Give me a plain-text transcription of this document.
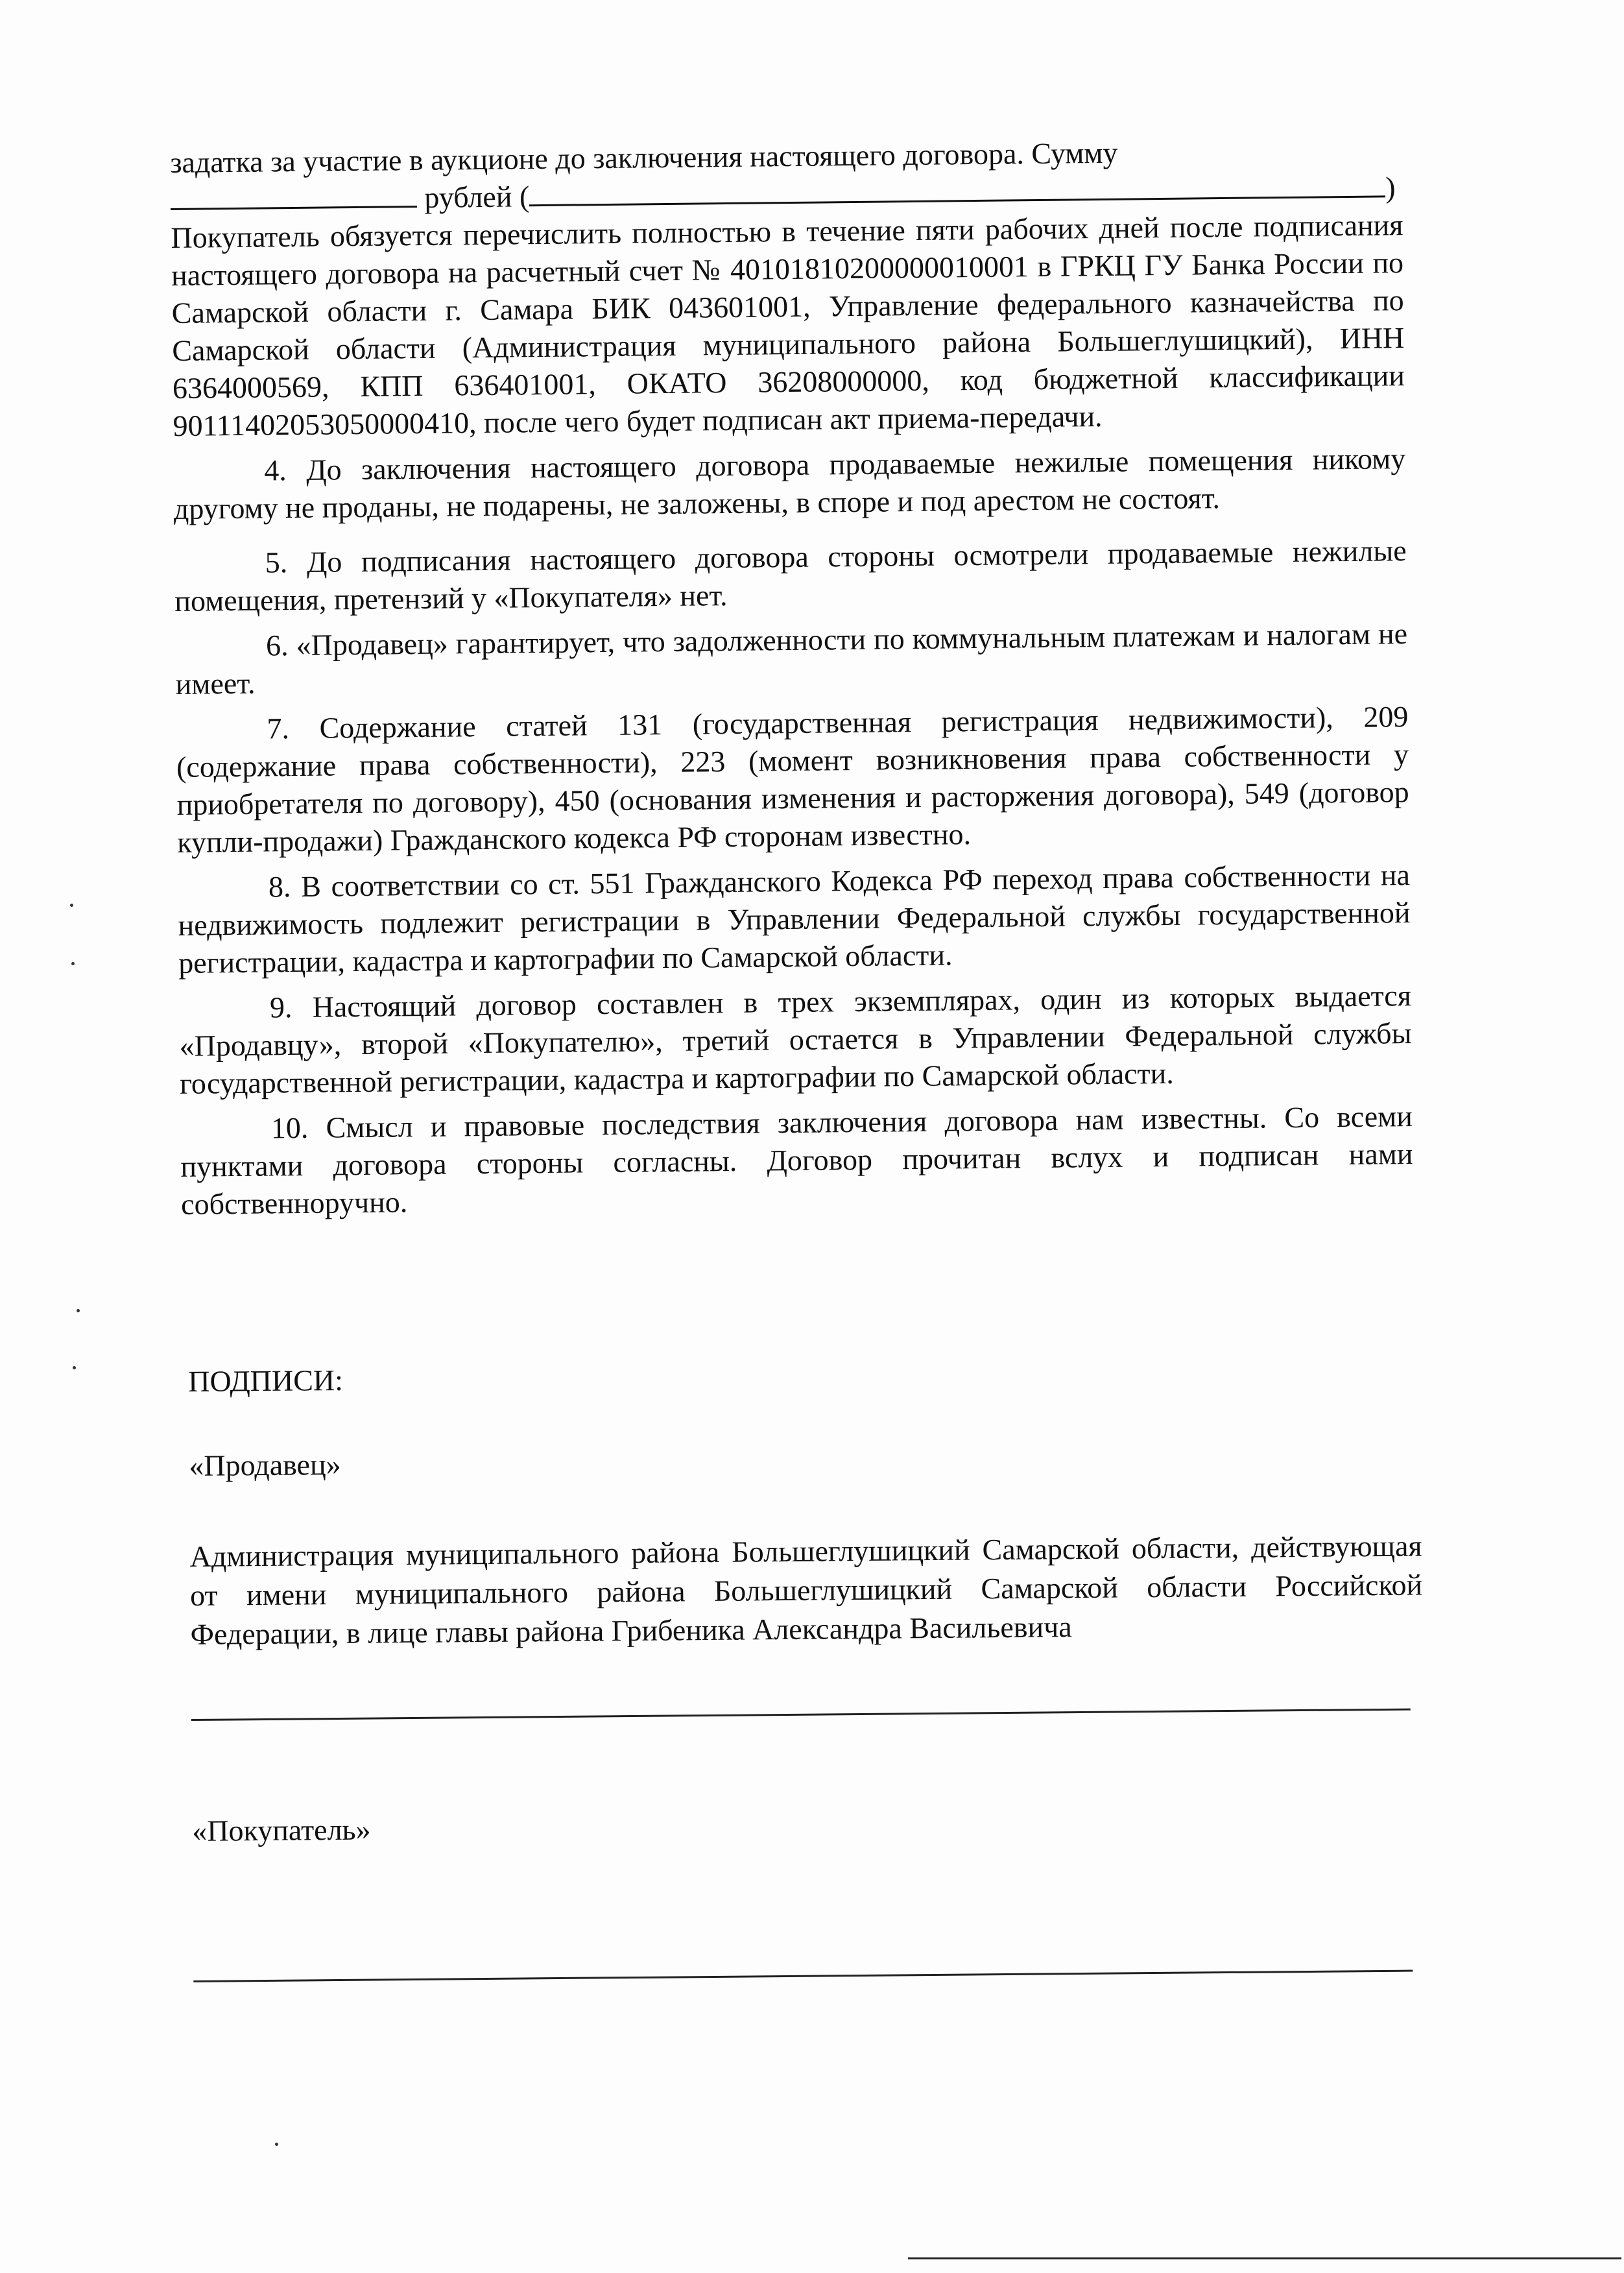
задатка за участие в аукционе до заключения настоящего договора. Сумму

рублей (	)

Покупатель обязуется перечислить полностью в течение пяти рабочих дней после подписания настоящего договора на расчетный счет № 40101810200000010001 в ГРКЦ ГУ Банка России по Самарской области г. Самара БИК 043601001, Управление федерального казначейства по Самарской области (Администрация муниципального района Большеглушицкий), ИНН 6364000569, КПП 636401001, ОКАТО 36208000000, код бюджетной классификации 90111402053050000410, после чего будет подписан акт приема-передачи.

4. До заключения настоящего договора продаваемые нежилые помещения никому другому не проданы, не подарены, не заложены, в споре и под арестом не состоят.

5. До подписания настоящего договора стороны осмотрели продаваемые нежилые помещения, претензий у «Покупателя» нет.

6. «Продавец» гарантирует, что задолженности по коммунальным платежам и налогам не имеет.

7. Содержание статей 131 (государственная регистрация недвижимости), 209 (содержание права собственности), 223 (момент возникновения права собственности у приобретателя по договору), 450 (основания изменения и расторжения договора), 549 (договор купли-продажи) Гражданского кодекса РФ сторонам известно.

8. В соответствии со ст. 551 Гражданского Кодекса РФ переход права собственности на недвижимость подлежит регистрации в Управлении Федеральной службы государственной регистрации, кадастра и картографии по Самарской области.

9. Настоящий договор составлен в трех экземплярах, один из которых выдается «Продавцу», второй «Покупателю», третий остается в Управлении Федеральной службы государственной регистрации, кадастра и картографии по Самарской области.

10. Смысл и правовые последствия заключения договора нам известны. Со всеми пунктами договора стороны согласны. Договор прочитан вслух и подписан нами собственноручно.

ПОДПИСИ:

«Продавец»

Администрация муниципального района Большеглушицкий Самарской области, действующая от имени муниципального района Большеглушицкий Самарской области Российской Федерации, в лице главы района Грибеника Александра Васильевича

«Покупатель»
